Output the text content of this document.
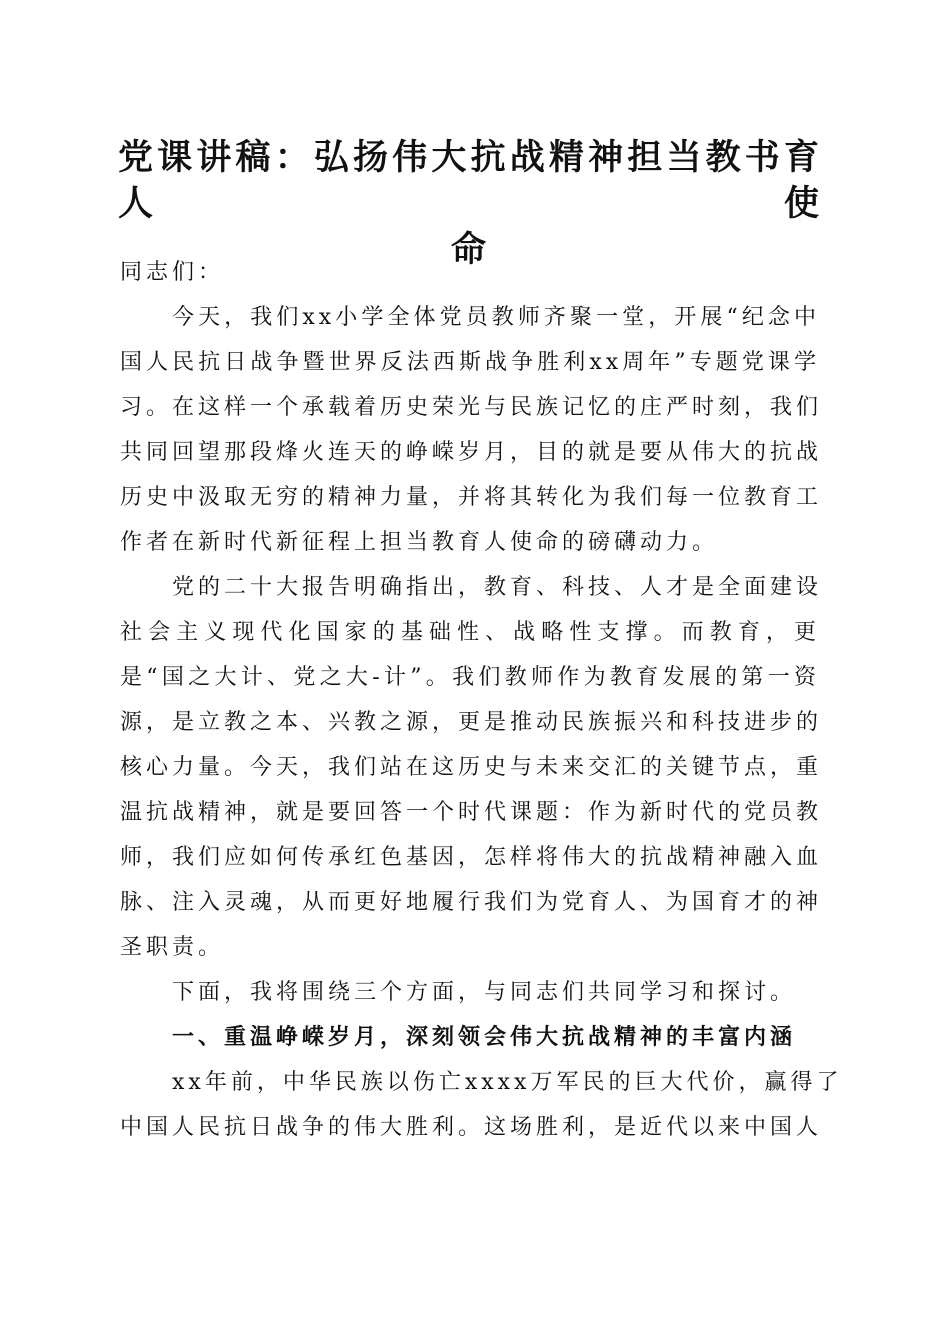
党课讲稿：弘扬伟大抗战精神担当教书育人使
命
同志们：
今天，我们xx小学全体党员教师齐聚一堂，开展“纪念中
国人民抗日战争暨世界反法西斯战争胜利xx周年”专题党课学
习。在这样一个承载着历史荣光与民族记忆的庄严时刻，我们
共同回望那段烽火连天的峥嵘岁月，目的就是要从伟大的抗战
历史中汲取无穷的精神力量，并将其转化为我们每一位教育工
作者在新时代新征程上担当教育人使命的磅礴动力。
党的二十大报告明确指出，教育、科技、人才是全面建设
社会主义现代化国家的基础性、战略性支撑。而教育，更
是“国之大计、党之大-计”。我们教师作为教育发展的第一资
源，是立教之本、兴教之源，更是推动民族振兴和科技进步的
核心力量。今天，我们站在这历史与未来交汇的关键节点，重
温抗战精神，就是要回答一个时代课题：作为新时代的党员教
师，我们应如何传承红色基因，怎样将伟大的抗战精神融入血
脉、注入灵魂，从而更好地履行我们为党育人、为国育才的神
圣职责。
下面，我将围绕三个方面，与同志们共同学习和探讨。
一、重温峥嵘岁月，深刻领会伟大抗战精神的丰富内涵
xx年前，中华民族以伤亡xxxx万军民的巨大代价，赢得了
中国人民抗日战争的伟大胜利。这场胜利，是近代以来中国人
